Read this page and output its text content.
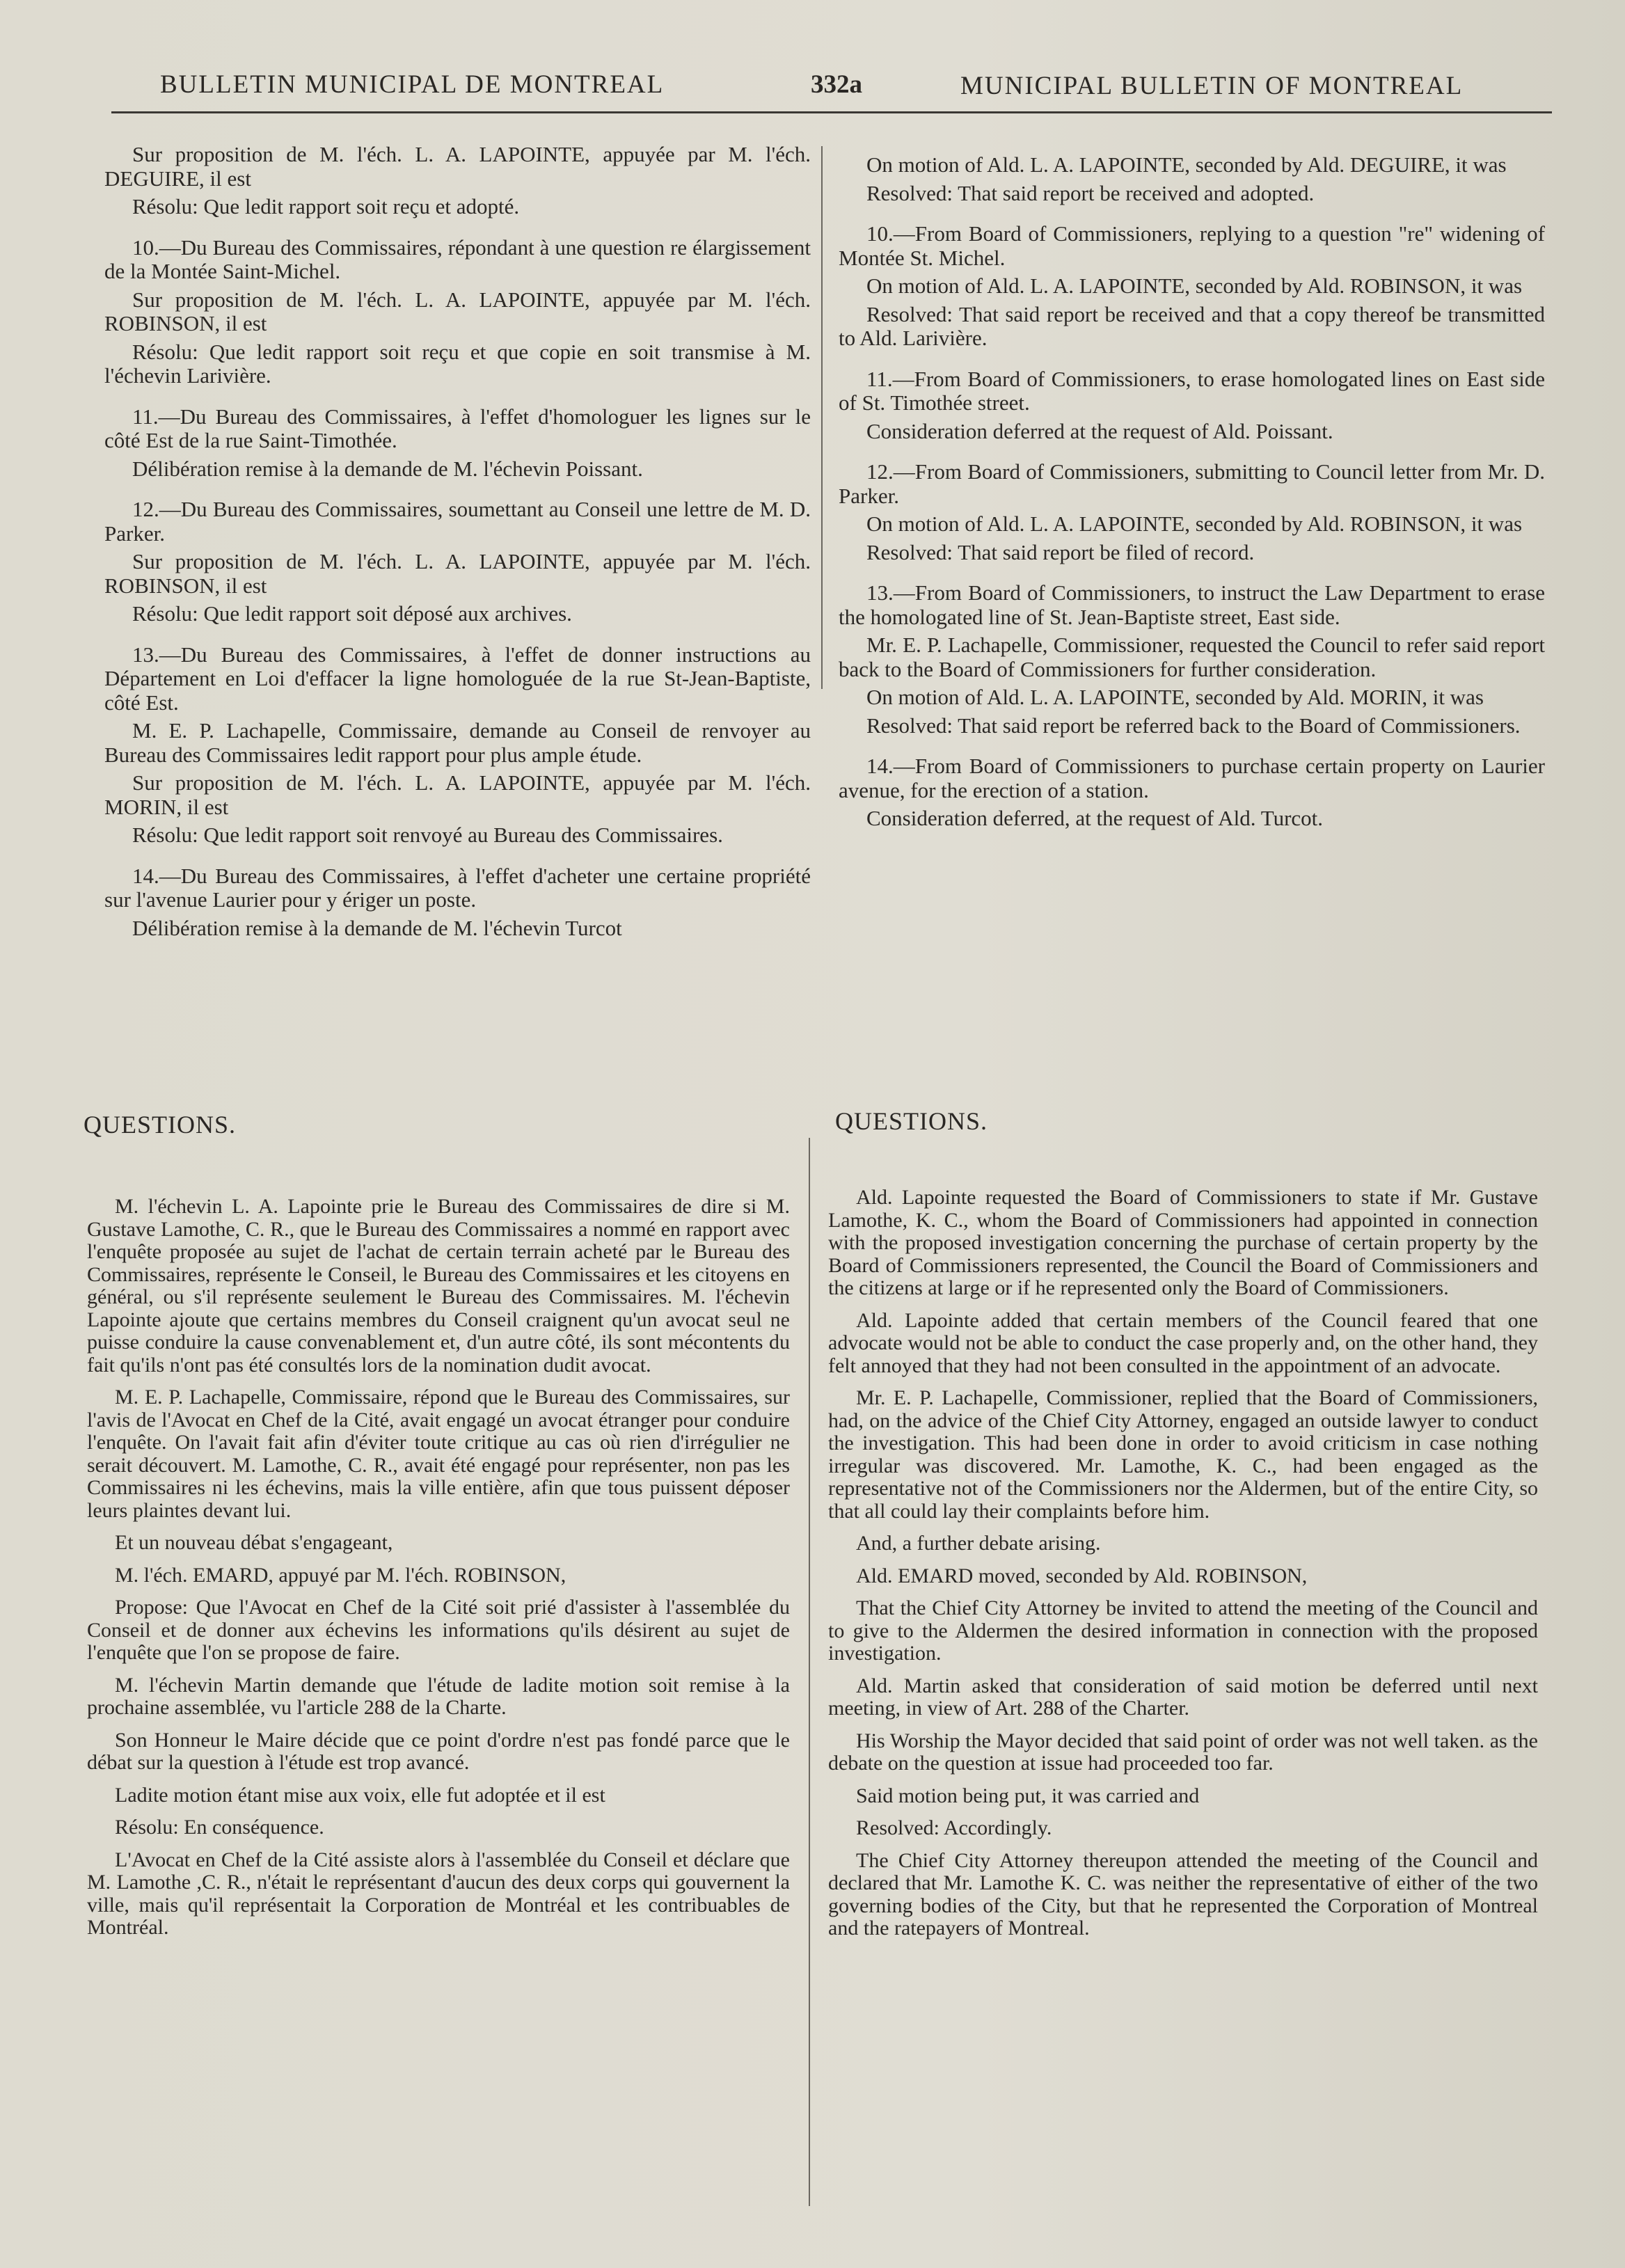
BULLETIN MUNICIPAL DE MONTREAL	332a	MUNICIPAL BULLETIN OF MONTREAL

Sur proposition de M. l'éch. L. A. LAPOINTE, appuyée par M. l'éch. DEGUIRE, il est

Résolu: Que ledit rapport soit reçu et adopté.

10.—Du Bureau des Commissaires, répondant à une question re élargissement de la Montée Saint-Michel.

Sur proposition de M. l'éch. L. A. LAPOINTE, appuyée par M. l'éch. ROBINSON, il est

Résolu: Que ledit rapport soit reçu et que copie en soit transmise à M. l'échevin Larivière.

11.—Du Bureau des Commissaires, à l'effet d'homologuer les lignes sur le côté Est de la rue Saint-Timothée.

Délibération remise à la demande de M. l'échevin Poissant.

12.—Du Bureau des Commissaires, soumettant au Conseil une lettre de M. D. Parker.

Sur proposition de M. l'éch. L. A. LAPOINTE, appuyée par M. l'éch. ROBINSON, il est

Résolu: Que ledit rapport soit déposé aux archives.

13.—Du Bureau des Commissaires, à l'effet de donner instructions au Département en Loi d'effacer la ligne homologuée de la rue St-Jean-Baptiste, côté Est.

M. E. P. Lachapelle, Commissaire, demande au Conseil de renvoyer au Bureau des Commissaires ledit rapport pour plus ample étude.

Sur proposition de M. l'éch. L. A. LAPOINTE, appuyée par M. l'éch. MORIN, il est

Résolu: Que ledit rapport soit renvoyé au Bureau des Commissaires.

14.—Du Bureau des Commissaires, à l'effet d'acheter une certaine propriété sur l'avenue Laurier pour y ériger un poste.

Délibération remise à la demande de M. l'échevin Turcot

On motion of Ald. L. A. LAPOINTE, seconded by Ald. DEGUIRE, it was

Resolved: That said report be received and adopted.

10.—From Board of Commissioners, replying to a question "re" widening of Montée St. Michel.

On motion of Ald. L. A. LAPOINTE, seconded by Ald. ROBINSON, it was

Resolved: That said report be received and that a copy thereof be transmitted to Ald. Larivière.

11.—From Board of Commissioners, to erase homologated lines on East side of St. Timothée street.

Consideration deferred at the request of Ald. Poissant.

12.—From Board of Commissioners, submitting to Council letter from Mr. D. Parker.

On motion of Ald. L. A. LAPOINTE, seconded by Ald. ROBINSON, it was

Resolved: That said report be filed of record.

13.—From Board of Commissioners, to instruct the Law Department to erase the homologated line of St. Jean-Baptiste street, East side.

Mr. E. P. Lachapelle, Commissioner, requested the Council to refer said report back to the Board of Commissioners for further consideration.

On motion of Ald. L. A. LAPOINTE, seconded by Ald. MORIN, it was

Resolved: That said report be referred back to the Board of Commissioners.

14.—From Board of Commissioners to purchase certain property on Laurier avenue, for the erection of a station.

Consideration deferred, at the request of Ald. Turcot.

QUESTIONS.	QUESTIONS.

M. l'échevin L. A. Lapointe prie le Bureau des Commissaires de dire si M. Gustave Lamothe, C. R., que le Bureau des Commissaires a nommé en rapport avec l'enquête proposée au sujet de l'achat de certain terrain acheté par le Bureau des Commissaires, représente le Conseil, le Bureau des Commissaires et les citoyens en général, ou s'il représente seulement le Bureau des Commissaires. M. l'échevin Lapointe ajoute que certains membres du Conseil craignent qu'un avocat seul ne puisse conduire la cause convenablement et, d'un autre côté, ils sont mécontents du fait qu'ils n'ont pas été consultés lors de la nomination dudit avocat.

M. E. P. Lachapelle, Commissaire, répond que le Bureau des Commissaires, sur l'avis de l'Avocat en Chef de la Cité, avait engagé un avocat étranger pour conduire l'enquête. On l'avait fait afin d'éviter toute critique au cas où rien d'irrégulier ne serait découvert. M. Lamothe, C. R., avait été engagé pour représenter, non pas les Commissaires ni les échevins, mais la ville entière, afin que tous puissent déposer leurs plaintes devant lui.

Et un nouveau débat s'engageant,

M. l'éch. EMARD, appuyé par M. l'éch. ROBINSON,

Propose: Que l'Avocat en Chef de la Cité soit prié d'assister à l'assemblée du Conseil et de donner aux échevins les informations qu'ils désirent au sujet de l'enquête que l'on se propose de faire.

M. l'échevin Martin demande que l'étude de ladite motion soit remise à la prochaine assemblée, vu l'article 288 de la Charte.

Son Honneur le Maire décide que ce point d'ordre n'est pas fondé parce que le débat sur la question à l'étude est trop avancé.

Ladite motion étant mise aux voix, elle fut adoptée et il est

Résolu: En conséquence.

L'Avocat en Chef de la Cité assiste alors à l'assemblée du Conseil et déclare que M. Lamothe ,C. R., n'était le représentant d'aucun des deux corps qui gouvernent la ville, mais qu'il représentait la Corporation de Montréal et les contribuables de Montréal.

Ald. Lapointe requested the Board of Commissioners to state if Mr. Gustave Lamothe, K. C., whom the Board of Commissioners had appointed in connection with the proposed investigation concerning the purchase of certain property by the Board of Commissioners represented, the Council the Board of Commissioners and the citizens at large or if he represented only the Board of Commissioners.

Ald. Lapointe added that certain members of the Council feared that one advocate would not be able to conduct the case properly and, on the other hand, they felt annoyed that they had not been consulted in the appointment of an advocate.

Mr. E. P. Lachapelle, Commissioner, replied that the Board of Commissioners, had, on the advice of the Chief City Attorney, engaged an outside lawyer to conduct the investigation. This had been done in order to avoid criticism in case nothing irregular was discovered. Mr. Lamothe, K. C., had been engaged as the representative not of the Commissioners nor the Aldermen, but of the entire City, so that all could lay their complaints before him.

And, a further debate arising.

Ald. EMARD moved, seconded by Ald. ROBINSON,

That the Chief City Attorney be invited to attend the meeting of the Council and to give to the Aldermen the desired information in connection with the proposed investigation.

Ald. Martin asked that consideration of said motion be deferred until next meeting, in view of Art. 288 of the Charter.

His Worship the Mayor decided that said point of order was not well taken. as the debate on the question at issue had proceeded too far.

Said motion being put, it was carried and

Resolved: Accordingly.

The Chief City Attorney thereupon attended the meeting of the Council and declared that Mr. Lamothe K. C. was neither the representative of either of the two governing bodies of the City, but that he represented the Corporation of Montreal and the ratepayers of Montreal.
